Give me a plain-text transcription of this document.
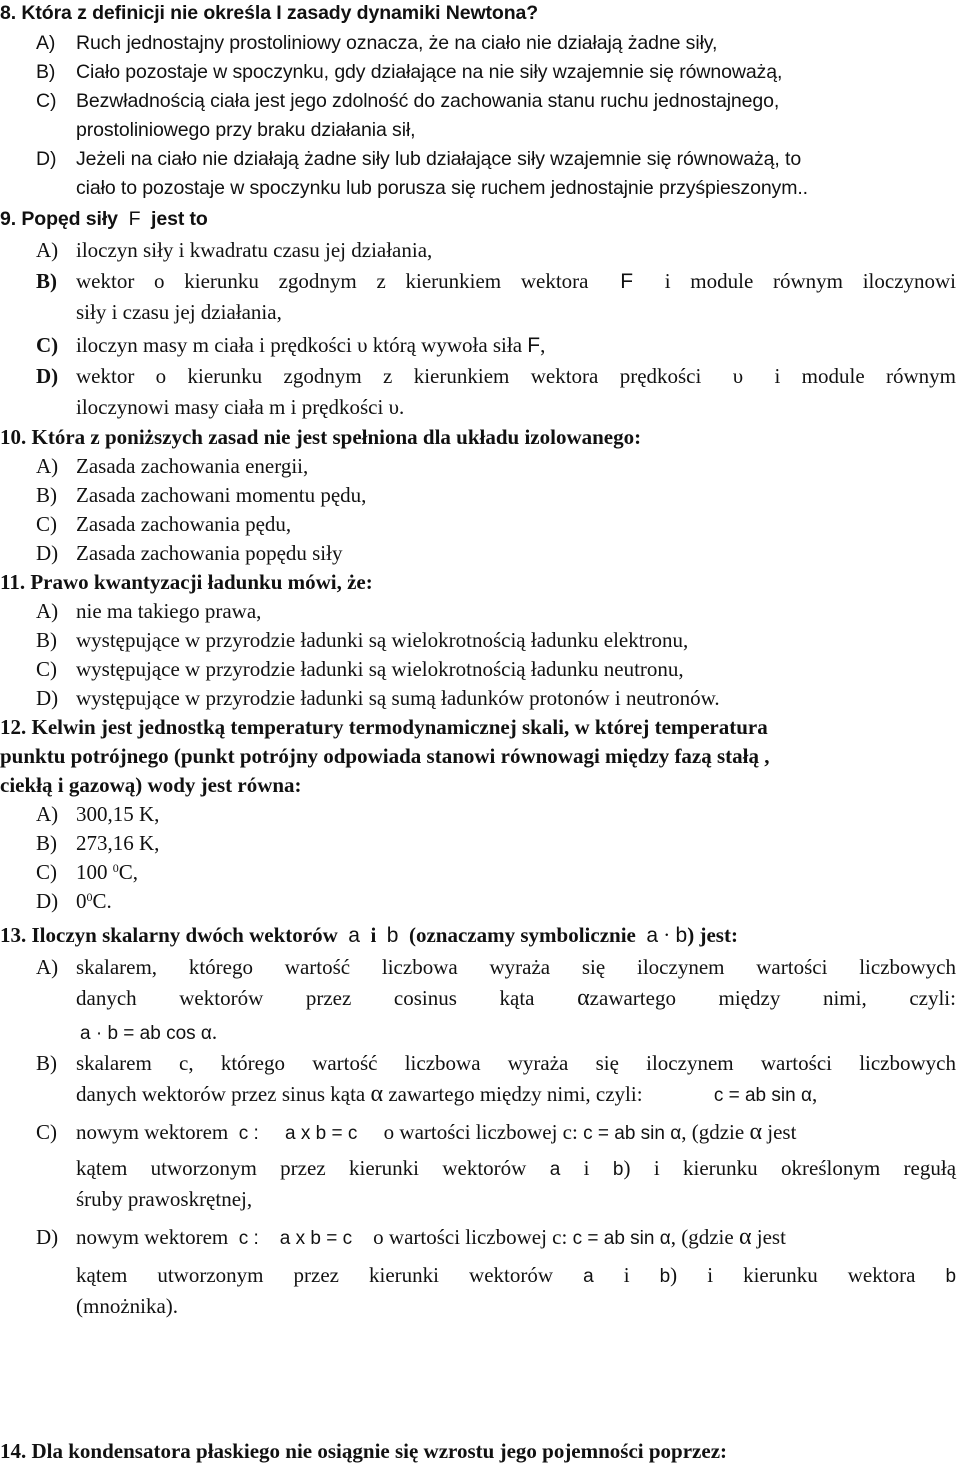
8. Która z definicji nie określa I zasady dynamiki Newtona?
A) Ruch jednostajny prostoliniowy oznacza, że na ciało nie działają żadne siły,
B) Ciało pozostaje w spoczynku, gdy działające na nie siły wzajemnie się równoważą,
C) Bezwładnością ciała jest jego zdolność do zachowania stanu ruchu jednostajnego,
prostoliniowego przy braku działania sił,
D) Jeżeli na ciało nie działają żadne siły lub działające siły wzajemnie się równoważą, to
ciało to pozostaje w spoczynku lub porusza się ruchem jednostajnie przyśpieszonym..
9. Popęd siły F jest to
A) iloczyn siły i kwadratu czasu jej działania,
B) wektor o kierunku zgodnym z kierunkiem wektora F i module równym iloczynowi
siły i czasu jej działania,
C) iloczyn masy m ciała i prędkości υ którą wywoła siła F,
D) wektor o kierunku zgodnym z kierunkiem wektora prędkości υ i module równym
iloczynowi masy ciała m i prędkości υ.
10. Która z poniższych zasad nie jest spełniona dla układu izolowanego:
A) Zasada zachowania energii,
B) Zasada zachowani momentu pędu,
C) Zasada zachowania pędu,
D) Zasada zachowania popędu siły
11. Prawo kwantyzacji ładunku mówi, że:
A) nie ma takiego prawa,
B) występujące w przyrodzie ładunki są wielokrotnością ładunku elektronu,
C) występujące w przyrodzie ładunki są wielokrotnością ładunku neutronu,
D) występujące w przyrodzie ładunki są sumą ładunków protonów i neutronów.
12. Kelwin jest jednostką temperatury termodynamicznej skali, w której temperatura
punktu potrójnego (punkt potrójny odpowiada stanowi równowagi między fazą stałą ,
ciekłą i gazową) wody jest równa:
A) 300,15 K,
B) 273,16 K,
C) 100 $^0$C,
D) $0^0C$.
13. Iloczyn skalarny dwóch wektorów a i b (oznaczamy symbolicznie a · b) jest:
A) skalarem, którego wartość liczbowa wyraża się iloczynem wartości liczbowych
danych wektorów przez cosinus kąta αzawartego między nimi, czyli:
a · b = ab cos α.
B) skalarem c, którego wartość liczbowa wyraża się iloczynem wartości liczbowych
danych wektorów przez sinus kąta α zawartego między nimi, czyli:	c = ab sin α,
C) nowym wektorem c : a x b = c o wartości liczbowej c: c = ab sin α, (gdzie α jest
kątem utworzonym przez kierunki wektorów a i b) i kierunku określonym regułą
śruby prawoskrętnej,
D) nowym wektorem c : a x b = c o wartości liczbowej c: c = ab sin α, (gdzie α jest
kątem utworzonym przez kierunki wektorów a i b) i kierunku wektora b
(mnożnika).
14. Dla kondensatora płaskiego nie osiągnie się wzrostu jego pojemności poprzez:
